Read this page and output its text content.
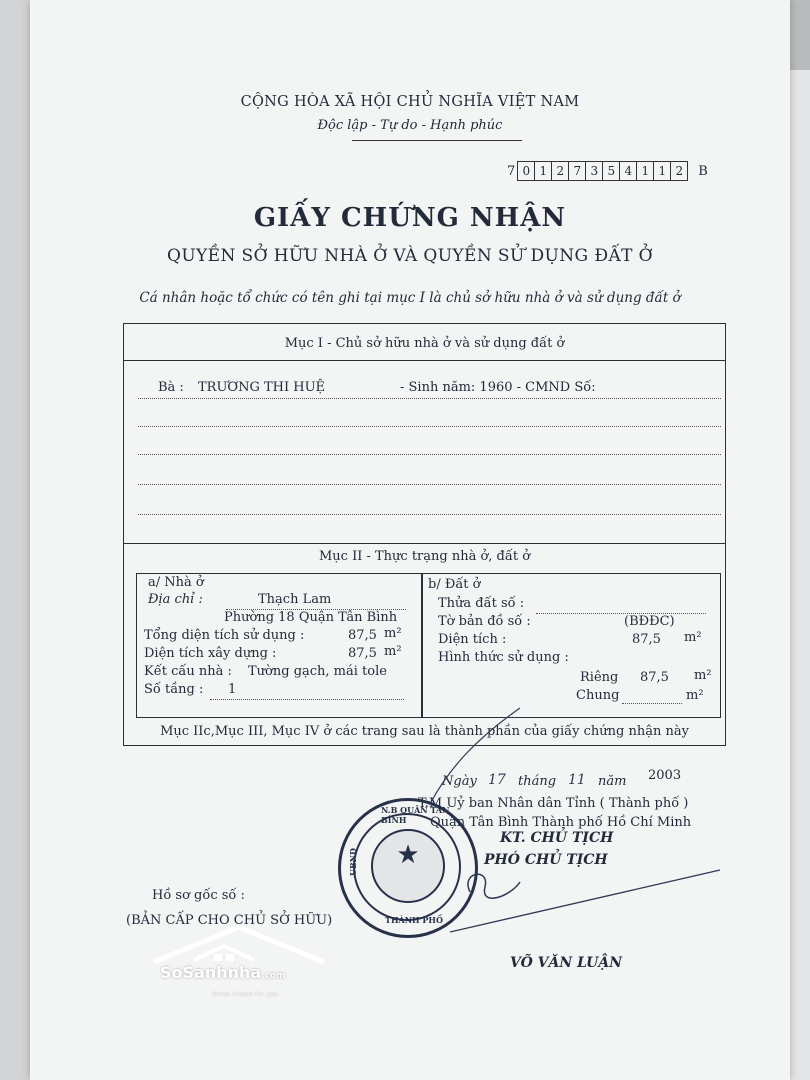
CỘNG HÒA XÃ HỘI CHỦ NGHĨA VIỆT NAM
Độc lập - Tự do - Hạnh phúc
7 0 1 2 7 3 5 4 1 1 2	B
GIẤY CHỨNG NHẬN
QUYỀN SỞ HỮU NHÀ Ở VÀ QUYỀN SỬ DỤNG ĐẤT Ở
Cá nhân hoặc tổ chức có tên ghi tại mục I là chủ sở hữu nhà ở và sử dụng đất ở
Mục I - Chủ sở hữu nhà ở và sử dụng đất ở
Bà : TRƯƠNG THI HUỆ	- Sinh năm: 1960 - CMND Số:
Mục II - Thực trạng nhà ở, đất ở
a/ Nhà ở
Địa chỉ :	Thạch Lam
Phường 18 Quận Tân Bình
Tổng diện tích sử dụng :	87,5 m²
Diện tích xây dựng :	87,5 m²
Kết cấu nhà : Tường gạch, mái tole
Số tầng : 1
b/ Đất ở
Thửa đất số :
Tờ bản đồ số :	(BĐĐC)
Diện tích :	87,5 m²
Hình thức sử dụng :
Riêng 87,5 m²
Chung	m²
Mục IIc,Mục III, Mục IV ở các trang sau là thành phần của giấy chứng nhận này
Ngày 17 tháng 11 năm 2003
T.M Uỷ ban Nhân dân Tỉnh ( Thành phố )
Quận Tân Bình Thành phố Hồ Chí Minh
KT. CHỦ TỊCH
PHÓ CHỦ TỊCH
★
N.B QUẬN TÂN BÌNH
UBND
THÀNH PHỐ
Hồ sơ gốc số :
(BẢN CẤP CHO CHỦ SỞ HỮU)
VÕ VĂN LUẬN
SoSanhnha.com
Great choice for you
